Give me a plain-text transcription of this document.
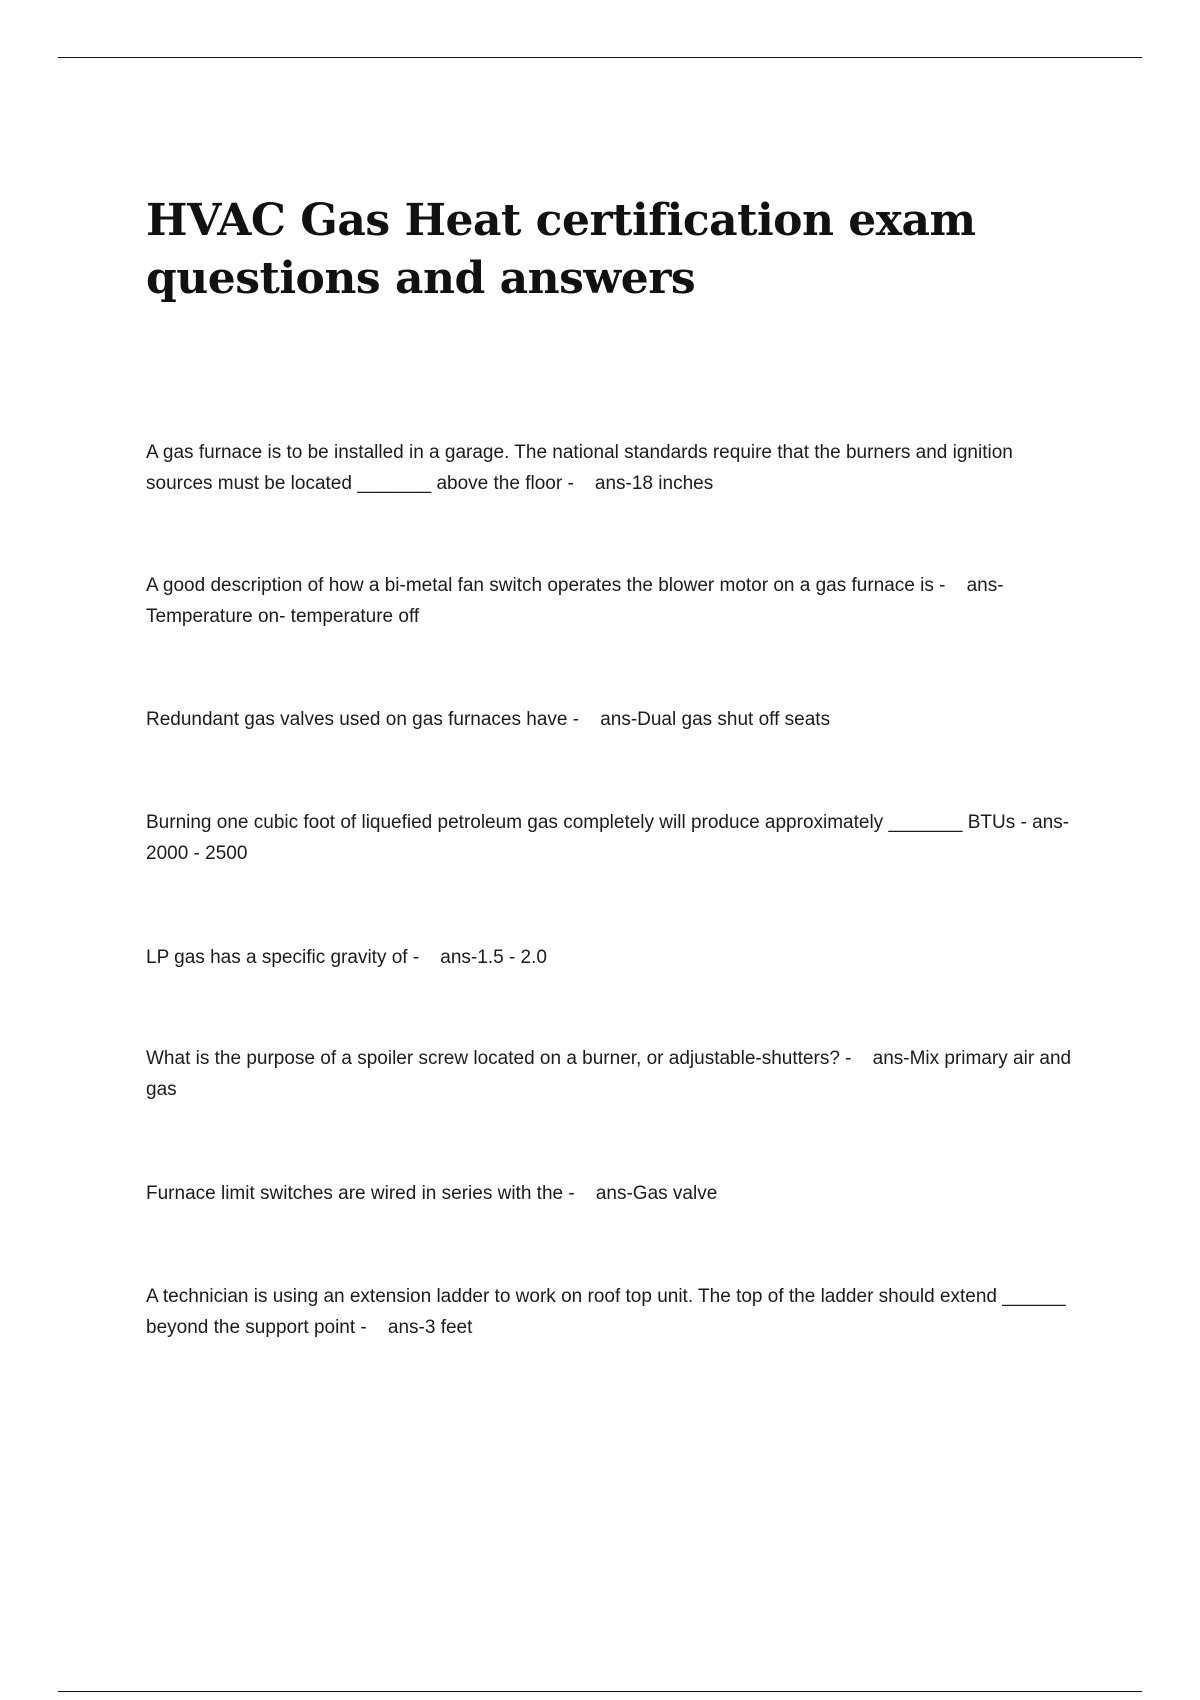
HVAC Gas Heat certification exam questions and answers

A gas furnace is to be installed in a garage. The national standards require that the burners and ignition sources must be located _______ above the floor - ans-18 inches

A good description of how a bi-metal fan switch operates the blower motor on a gas furnace is - ans-Temperature on- temperature off

Redundant gas valves used on gas furnaces have - ans-Dual gas shut off seats

Burning one cubic foot of liquefied petroleum gas completely will produce approximately _______ BTUs - ans-2000 - 2500

LP gas has a specific gravity of - ans-1.5 - 2.0

What is the purpose of a spoiler screw located on a burner, or adjustable-shutters? - ans-Mix primary air and gas

Furnace limit switches are wired in series with the - ans-Gas valve

A technician is using an extension ladder to work on roof top unit. The top of the ladder should extend ______ beyond the support point - ans-3 feet
